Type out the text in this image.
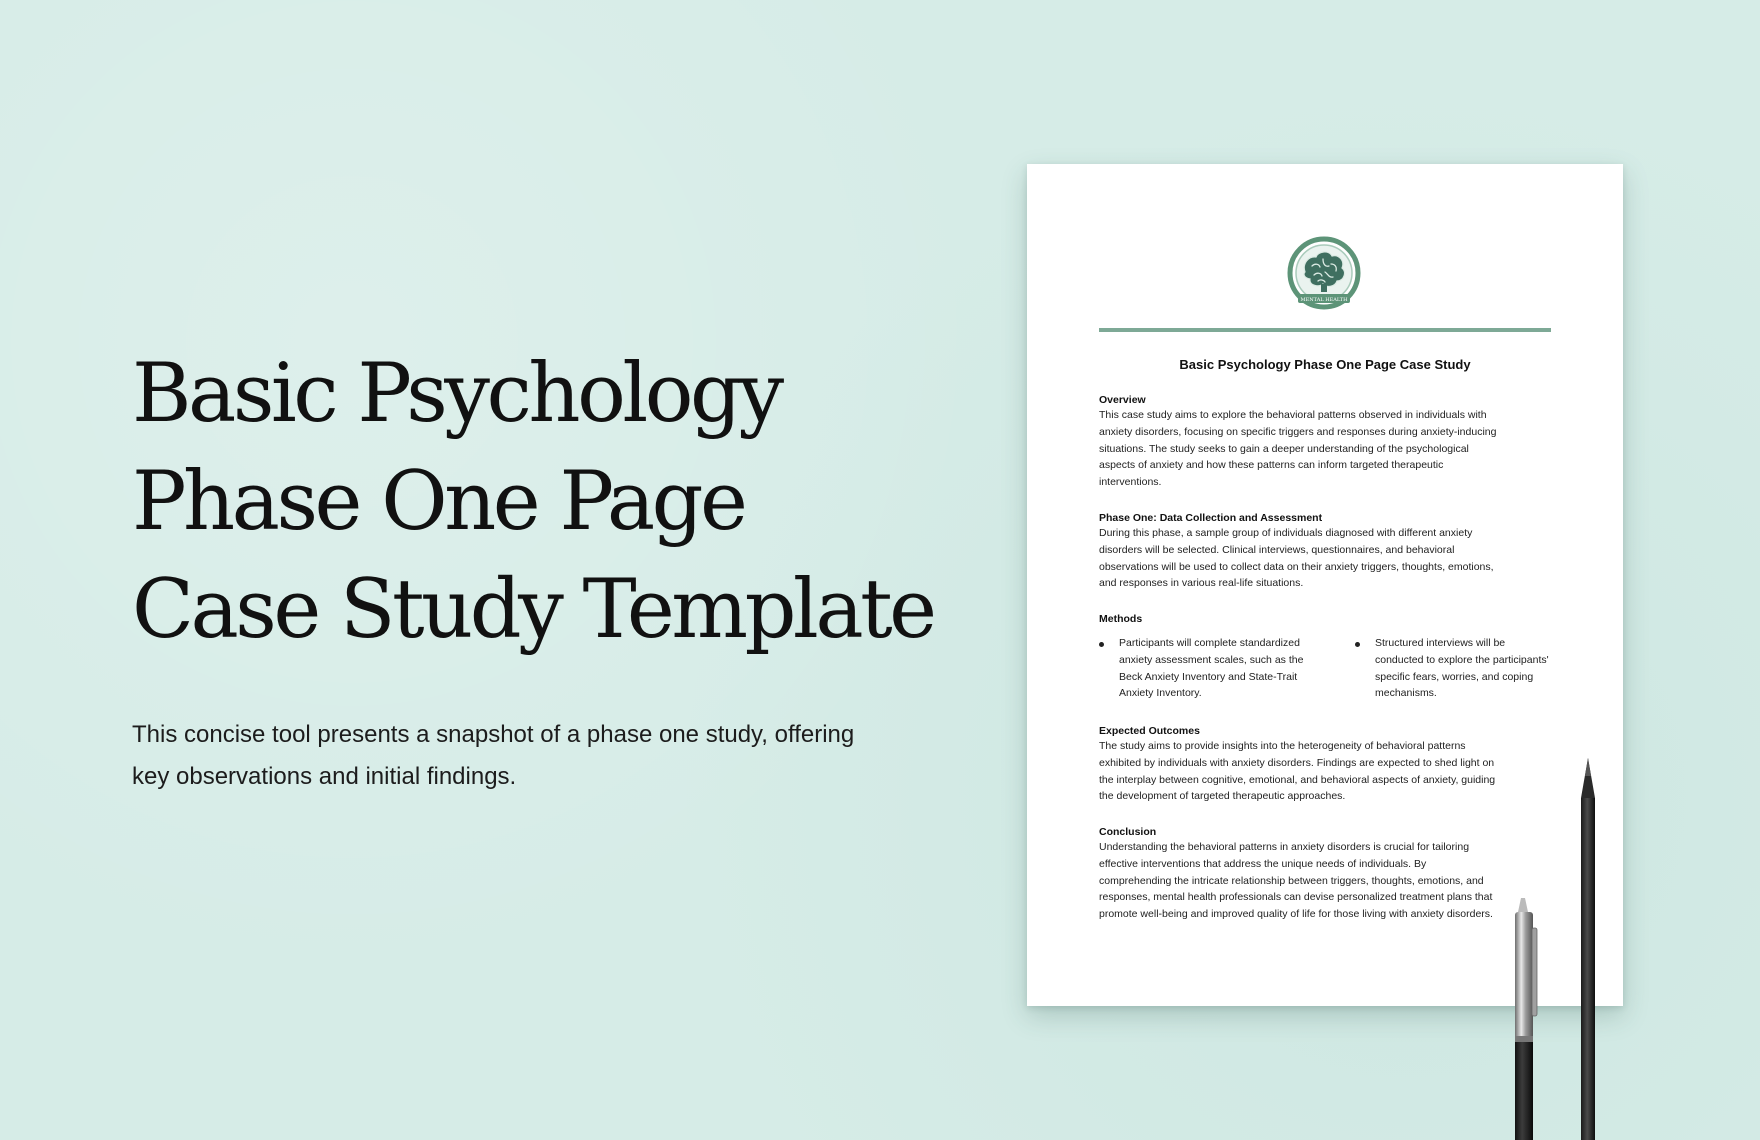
Basic Psychology
Phase One Page
Case Study Template

This concise tool presents a snapshot of a phase one study, offering
key observations and initial findings.

MENTAL HEALTH
Basic Psychology Phase One Page Case Study
Overview

This case study aims to explore the behavioral patterns observed in individuals with
anxiety disorders, focusing on specific triggers and responses during anxiety-inducing
situations. The study seeks to gain a deeper understanding of the psychological
aspects of anxiety and how these patterns can inform targeted therapeutic
interventions.

Phase One: Data Collection and Assessment

During this phase, a sample group of individuals diagnosed with different anxiety
disorders will be selected. Clinical interviews, questionnaires, and behavioral
observations will be used to collect data on their anxiety triggers, thoughts, emotions,
and responses in various real-life situations.

Methods
Participants will complete standardized
anxiety assessment scales, such as the
Beck Anxiety Inventory and State-Trait
Anxiety Inventory.
Structured interviews will be
conducted to explore the participants'
specific fears, worries, and coping
mechanisms.
Expected Outcomes

The study aims to provide insights into the heterogeneity of behavioral patterns
exhibited by individuals with anxiety disorders. Findings are expected to shed light on
the interplay between cognitive, emotional, and behavioral aspects of anxiety, guiding
the development of targeted therapeutic approaches.

Conclusion

Understanding the behavioral patterns in anxiety disorders is crucial for tailoring
effective interventions that address the unique needs of individuals. By
comprehending the intricate relationship between triggers, thoughts, emotions, and
responses, mental health professionals can devise personalized treatment plans that
promote well-being and improved quality of life for those living with anxiety disorders.
